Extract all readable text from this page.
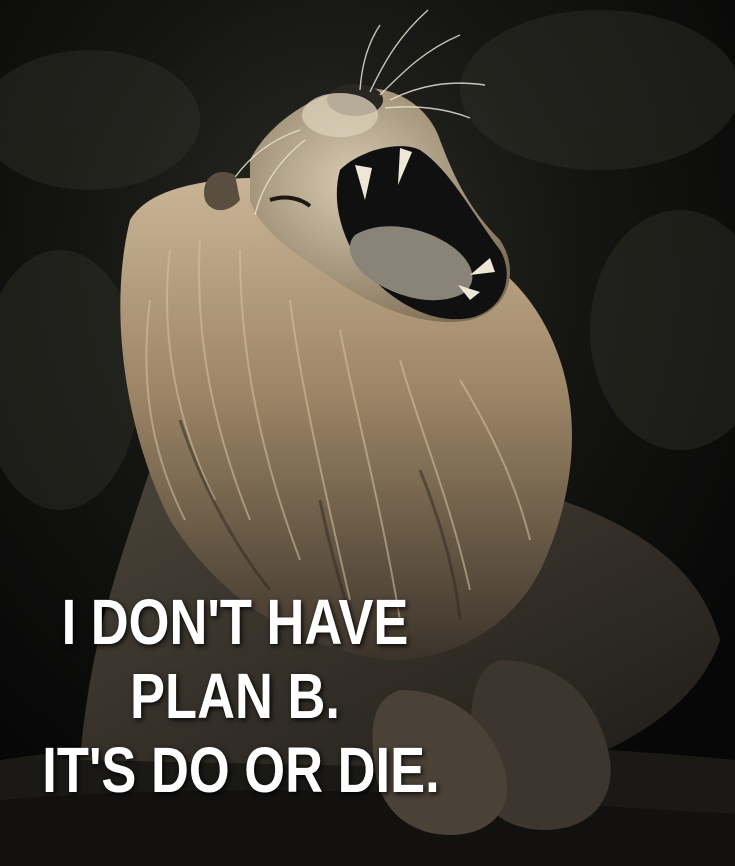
I DON'T HAVE
PLAN B.
IT'S DO OR DIE.
